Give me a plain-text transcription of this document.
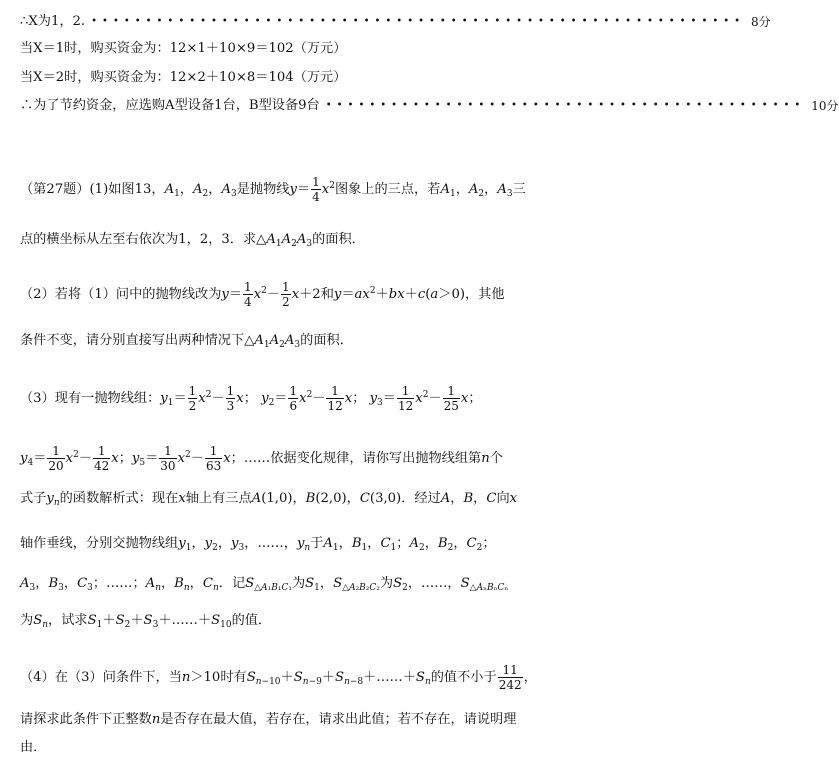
∴X为1，2. •••••••••••••••••••••••••••••••••••••••••••••••••••••••••••• 8分
当X＝1时，购买资金为：12×1＋10×9＝102（万元）
当X＝2时，购买资金为：12×2＋10×8＝104（万元）
∴为了节约资金，应选购A型设备1台，B型设备9台 •••••••••••••••••••••••••••••••••••••••••••• 10分
（第27题）(1)如图13，$A_1$，$A_2$，$A_3$是抛物线$y= \frac{1}{4} x^2$图象上的三点，若$A_1$，$A_2$，$A_3$三
点的横坐标从左至右依次为1，2，3．求$\triangle A_1A_2A_3$的面积．
（2）若将（1）问中的抛物线改为$y= \frac{1}{4} x^2- \frac{1}{2} x+2$和$y=ax^2+bx+c(a>0)$，其他
条件不变，请分别直接写出两种情况下$\triangle A_1A_2A_3$的面积．
（3）现有一抛物线组：$y_1= \frac{1}{2} x^2- \frac{1}{3}$ x； $y_2= \frac{1}{6} x^2- \frac{1}{12}$ x； $y_3= \frac{1}{12} x^2- \frac{1}{25}$ x；
$y_4= \frac{1}{20} x^2- \frac{1}{42}$ x；$y_5= \frac{1}{30} x^2- \frac{1}{63}$ x；……依据变化规律，请你写出抛物线组第n个
式子$y_n$的函数解析式：现在x轴上有三点A(1,0)，B(2,0)，C(3,0)．经过A，B，C向x
轴作垂线，分别交抛物线组$y_1$，$y_2$，$y_3$，……，$y_n$于$A_1$，$B_1$，$C_1$；$A_2$，$B_2$，$C_2$；
$A_3$，$B_3$，$C_3$；……；$A_n$，$B_n$，$C_n$．记$S_{\triangle A_1B_1C_1}$为$S_1$，$S_{\triangle A_2B_2C_2}$为$S_2$，……，$S_{\triangle A_nB_nC_n}$
为$S_n$，试求$S_1+S_2+S_3+\dots\dots+S_{10}$的值．
（4）在（3）问条件下，当n＞10时有$S_{n-10}+S_{n-9}+S_{n-8}+\dots\dots+S_n$的值不小于 $\frac{11}{242}$ ，
请探求此条件下正整数n是否存在最大值，若存在，请求出此值；若不存在，请说明理
由．
